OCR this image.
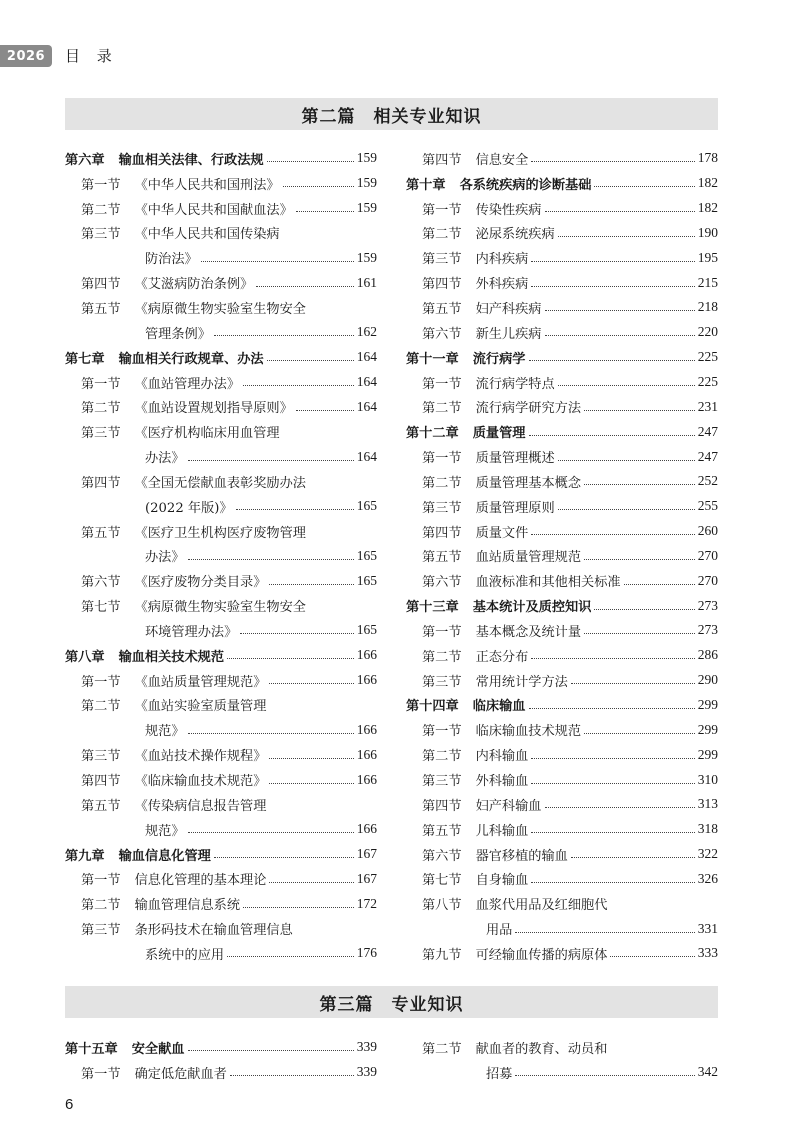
2026	目 录
第二篇 相关专业知识
第六章 输血相关法律、行政法规	159
第一节 《中华人民共和国刑法》	159
第二节 《中华人民共和国献血法》	159
第三节 《中华人民共和国传染病
防治法》	159
第四节 《艾滋病防治条例》	161
第五节 《病原微生物实验室生物安全
管理条例》	162
第七章 输血相关行政规章、办法	164
第一节 《血站管理办法》	164
第二节 《血站设置规划指导原则》	164
第三节 《医疗机构临床用血管理
办法》	164
第四节 《全国无偿献血表彰奖励办法
(2022 年版)》	165
第五节 《医疗卫生机构医疗废物管理
办法》	165
第六节 《医疗废物分类目录》	165
第七节 《病原微生物实验室生物安全
环境管理办法》	165
第八章 输血相关技术规范	166
第一节 《血站质量管理规范》	166
第二节 《血站实验室质量管理
规范》	166
第三节 《血站技术操作规程》	166
第四节 《临床输血技术规范》	166
第五节 《传染病信息报告管理
规范》	166
第九章 输血信息化管理	167
第一节 信息化管理的基本理论	167
第二节 输血管理信息系统	172
第三节 条形码技术在输血管理信息
系统中的应用	176
第四节 信息安全	178
第十章 各系统疾病的诊断基础	182
第一节 传染性疾病	182
第二节 泌尿系统疾病	190
第三节 内科疾病	195
第四节 外科疾病	215
第五节 妇产科疾病	218
第六节 新生儿疾病	220
第十一章 流行病学	225
第一节 流行病学特点	225
第二节 流行病学研究方法	231
第十二章 质量管理	247
第一节 质量管理概述	247
第二节 质量管理基本概念	252
第三节 质量管理原则	255
第四节 质量文件	260
第五节 血站质量管理规范	270
第六节 血液标准和其他相关标准	270
第十三章 基本统计及质控知识	273
第一节 基本概念及统计量	273
第二节 正态分布	286
第三节 常用统计学方法	290
第十四章 临床输血	299
第一节 临床输血技术规范	299
第二节 内科输血	299
第三节 外科输血	310
第四节 妇产科输血	313
第五节 儿科输血	318
第六节 器官移植的输血	322
第七节 自身输血	326
第八节 血浆代用品及红细胞代
用品	331
第九节 可经输血传播的病原体	333
第三篇 专业知识
第十五章 安全献血	339
第一节 确定低危献血者	339
第二节 献血者的教育、动员和
招募	342
6
